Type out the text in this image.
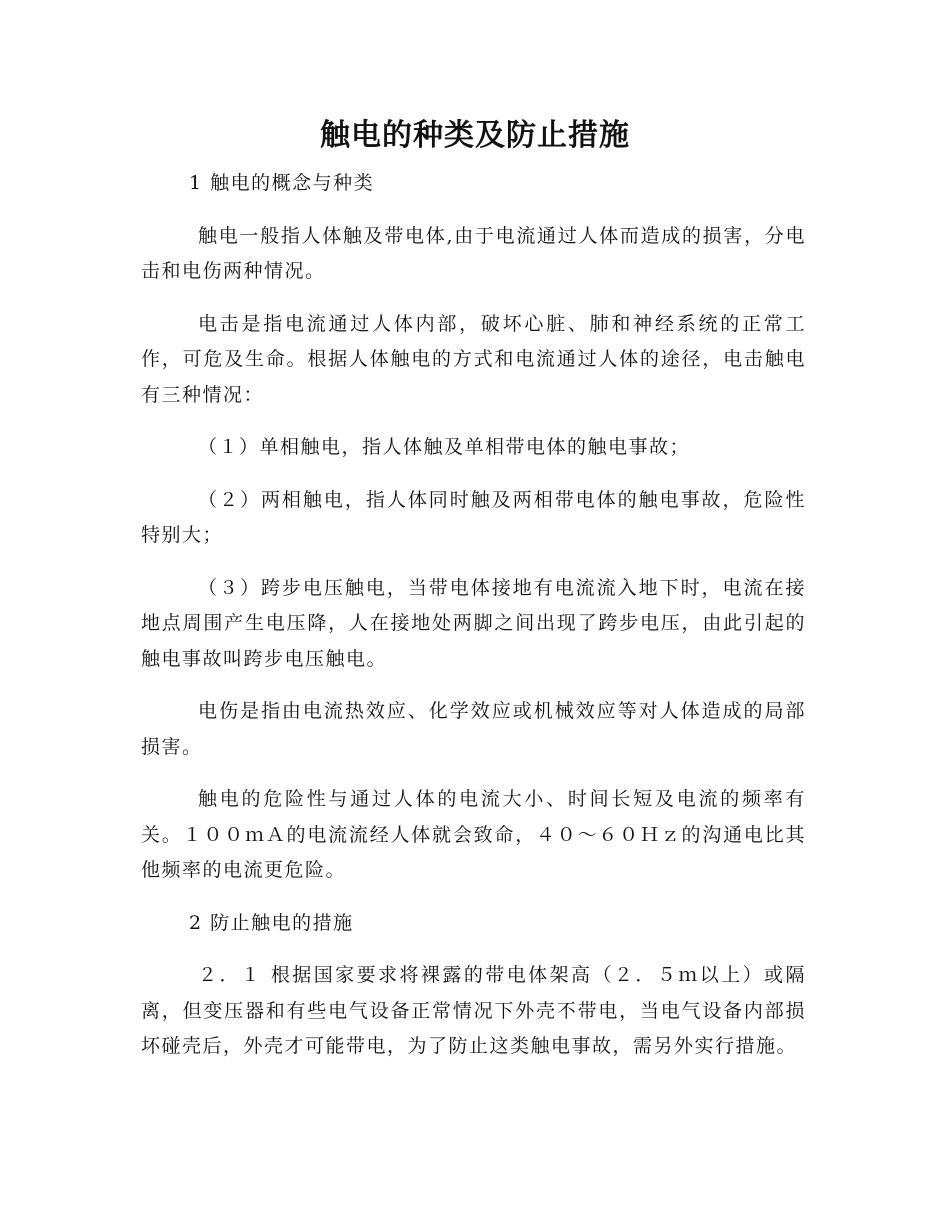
触电的种类及防止措施
1 触电的概念与种类

触电一般指人体触及带电体,由于电流通过人体而造成的损害，分电击和电伤两种情况。

电击是指电流通过人体内部，破坏心脏、肺和神经系统的正常工作，可危及生命。根据人体触电的方式和电流通过人体的途径，电击触电有三种情况：

（１）单相触电，指人体触及单相带电体的触电事故；

（２）两相触电，指人体同时触及两相带电体的触电事故，危险性特别大；

（３）跨步电压触电，当带电体接地有电流流入地下时，电流在接地点周围产生电压降，人在接地处两脚之间出现了跨步电压，由此引起的触电事故叫跨步电压触电。

电伤是指由电流热效应、化学效应或机械效应等对人体造成的局部损害。

触电的危险性与通过人体的电流大小、时间长短及电流的频率有关。１００ｍＡ的电流流经人体就会致命，４０～６０Ｈｚ的沟通电比其他频率的电流更危险。

2 防止触电的措施

２．１ 根据国家要求将裸露的带电体架高（２．５ｍ以上）或隔离，但变压器和有些电气设备正常情况下外壳不带电，当电气设备内部损坏碰壳后，外壳才可能带电，为了防止这类触电事故，需另外实行措施。
